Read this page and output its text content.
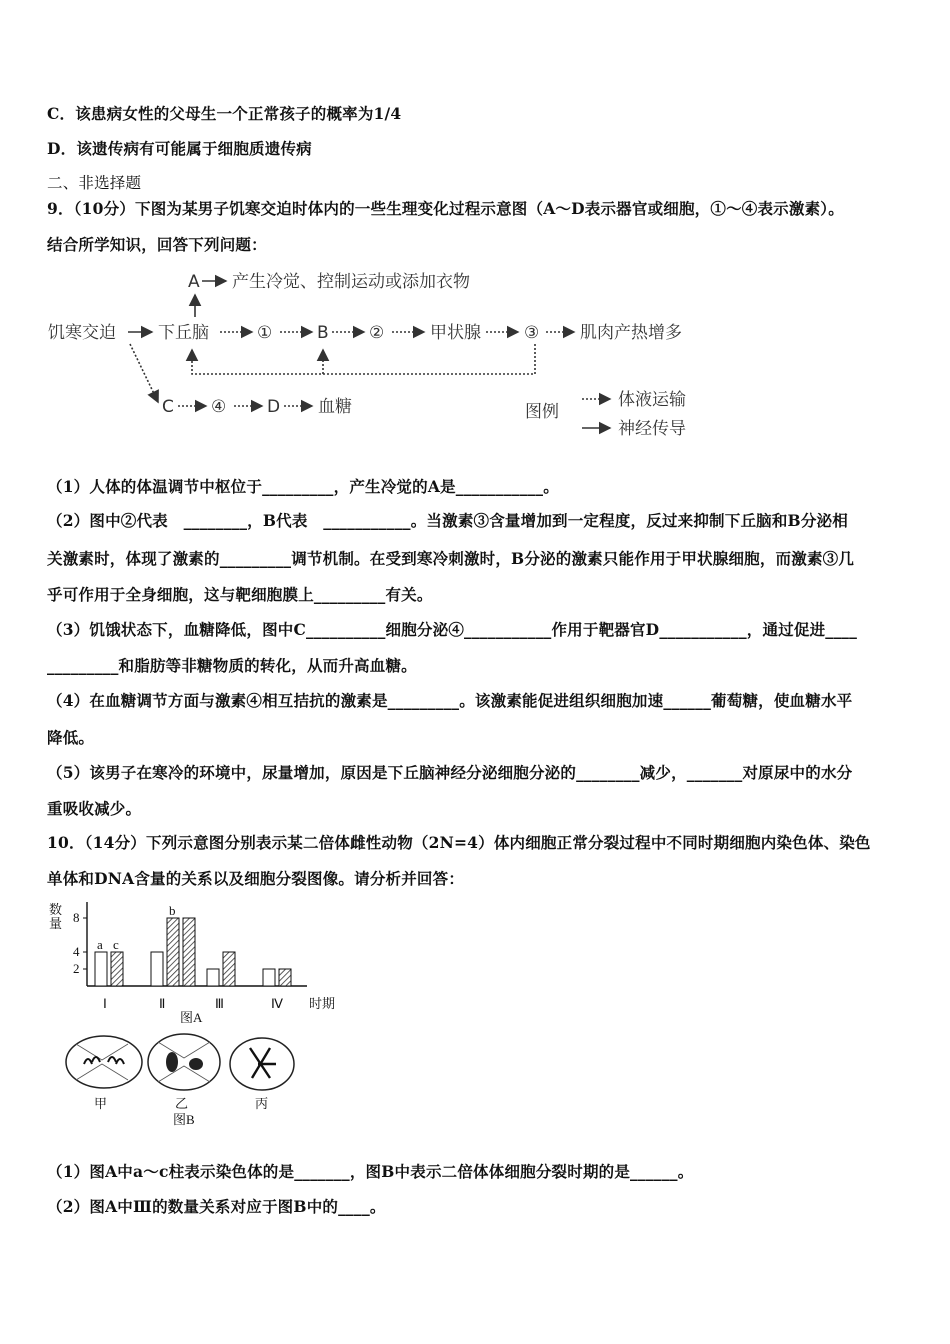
C．该患病女性的父母生一个正常孩子的概率为1/4
D．该遗传病有可能属于细胞质遗传病
二、非选择题
9．（10分）下图为某男子饥寒交迫时体内的一些生理变化过程示意图（A～D表示器官或细胞，①～④表示激素）。
结合所学知识，回答下列问题：
A 产生冷觉、控制运动或添加衣物
饥寒交迫 下丘脑	①	B ②	甲状腺	③ 肌肉产热增多
C ④ D 血糖	图例
体液运输
神经传导
（1）人体的体温调节中枢位于_________，产生冷觉的A是___________。
（2）图中②代表　________，B代表　___________。当激素③含量增加到一定程度，反过来抑制下丘脑和B分泌相
关激素时，体现了激素的_________调节机制。在受到寒冷刺激时，B分泌的激素只能作用于甲状腺细胞，而激素③几
乎可作用于全身细胞，这与靶细胞膜上_________有关。
（3）饥饿状态下，血糖降低，图中C__________细胞分泌④___________作用于靶器官D___________，通过促进____
_________和脂肪等非糖物质的转化，从而升高血糖。
（4）在血糖调节方面与激素④相互拮抗的激素是_________。该激素能促进组织细胞加速______葡萄糖，使血糖水平
降低。
（5）该男子在寒冷的环境中，尿量增加，原因是下丘脑神经分泌细胞分泌的________减少，_______对原尿中的水分
重吸收减少。
10．（14分）下列示意图分别表示某二倍体雌性动物（2N=4）体内细胞正常分裂过程中不同时期细胞内染色体、染色
单体和DNA含量的关系以及细胞分裂图像。请分析并回答：
数
量
a c
b
Ⅰ	Ⅱ	Ⅲ	Ⅳ
2
4
8
时期
图A
甲	乙	丙
图B
（1）图A中a～c柱表示染色体的是_______，图B中表示二倍体体细胞分裂时期的是______。
（2）图A中Ⅲ的数量关系对应于图B中的____。
